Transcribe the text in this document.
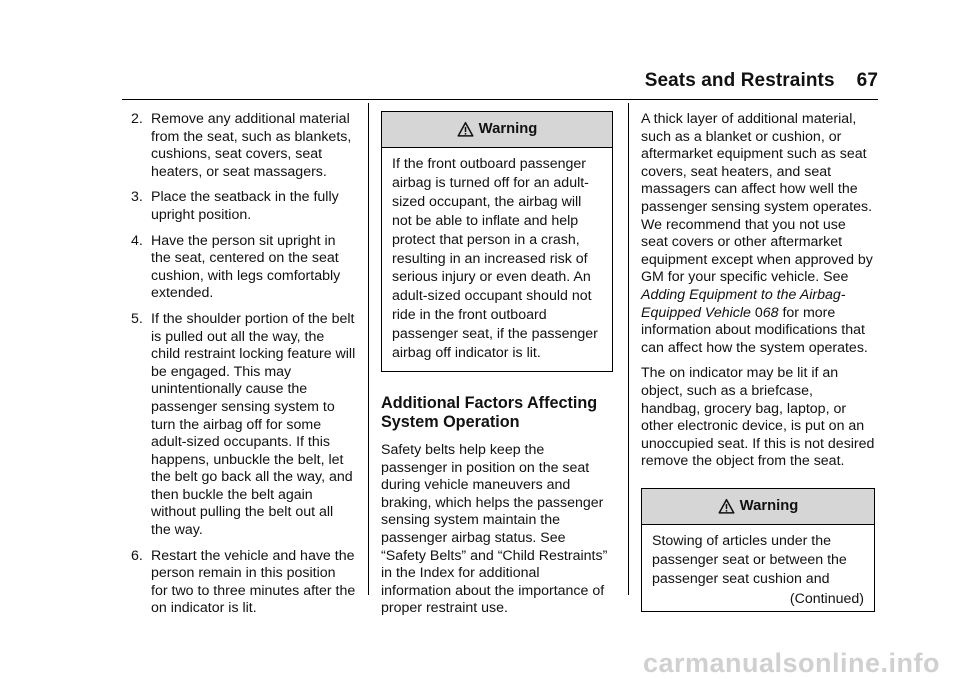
Seats and Restraints 67
2. Remove any additional material from the seat, such as blankets, cushions, seat covers, seat heaters, or seat massagers.
3. Place the seatback in the fully upright position.
4. Have the person sit upright in the seat, centered on the seat cushion, with legs comfortably extended.
5. If the shoulder portion of the belt is pulled out all the way, the child restraint locking feature will be engaged. This may unintentionally cause the passenger sensing system to turn the airbag off for some adult-sized occupants. If this happens, unbuckle the belt, let the belt go back all the way, and then buckle the belt again without pulling the belt out all the way.
6. Restart the vehicle and have the person remain in this position for two to three minutes after the on indicator is lit.
Warning
If the front outboard passenger airbag is turned off for an adult-sized occupant, the airbag will not be able to inflate and help protect that person in a crash, resulting in an increased risk of serious injury or even death. An adult-sized occupant should not ride in the front outboard passenger seat, if the passenger airbag off indicator is lit.
Additional Factors Affecting System Operation

Safety belts help keep the passenger in position on the seat during vehicle maneuvers and braking, which helps the passenger sensing system maintain the passenger airbag status. See “Safety Belts” and “Child Restraints” in the Index for additional information about the importance of proper restraint use.

A thick layer of additional material, such as a blanket or cushion, or aftermarket equipment such as seat covers, seat heaters, and seat massagers can affect how well the passenger sensing system operates. We recommend that you not use seat covers or other aftermarket equipment except when approved by GM for your specific vehicle. See Adding Equipment to the Airbag-Equipped Vehicle 068 for more information about modifications that can affect how the system operates.

The on indicator may be lit if an object, such as a briefcase, handbag, grocery bag, laptop, or other electronic device, is put on an unoccupied seat. If this is not desired remove the object from the seat.

Warning
Stowing of articles under the passenger seat or between the passenger seat cushion and
(Continued)
carmanualsonline.info
